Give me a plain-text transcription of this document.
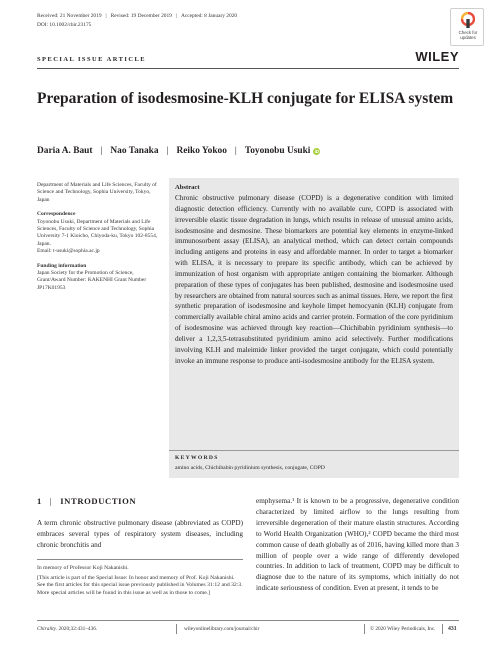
Received: 21 November 2019 | Revised: 19 December 2019 | Accepted: 8 January 2020
DOI: 10.1002/chir.23175
Check for
updates
SPECIAL ISSUE ARTICLE	WILEY
Preparation of isodesmosine-KLH conjugate for ELISA system
Daria A. Baut | Nao Tanaka | Reiko Yokoo | Toyonobu Usuki iD

Department of Materials and Life Sciences, Faculty of Science and Technology, Sophia University, Tokyo, Japan

Correspondence

Toyonobu Usuki, Department of Materials and Life Sciences, Faculty of Science and Technology, Sophia University 7-1 Kioicho, Chiyoda-ku, Tokyo 102-8554, Japan.

Email: t-usuki@sophia.ac.jp

Funding information

Japan Society for the Promotion of Science, Grant/Award Number: KAKENHI Grant Number JP17K01953

Abstract
Chronic obstructive pulmonary disease (COPD) is a degenerative condition with limited diagnostic detection efficiency. Currently with no available cure, COPD is associated with irreversible elastic tissue degradation in lungs, which results in release of unusual amino acids, isodesmosine and desmosine. These biomarkers are potential key elements in enzyme-linked immunosorbent assay (ELISA), an analytical method, which can detect certain compounds including antigens and proteins in easy and affordable manner. In order to target a biomarker with ELISA, it is necessary to prepare its specific antibody, which can be achieved by immunization of host organism with appropriate antigen containing the biomarker. Although preparation of these types of conjugates has been published, desmosine and isodesmosine used by researchers are obtained from natural sources such as animal tissues. Here, we report the first synthetic preparation of isodesmosine and keyhole limpet hemocyanin (KLH) conjugate from commercially available chiral amino acids and carrier protein. Formation of the core pyridinium of isodesmosine was achieved through key reaction—Chichibabin pyridinium synthesis—to deliver a 1,2,3,5-tetrasubstituted pyridinium amino acid selectively. Further modifications involving KLH and maleimide linker provided the target conjugate, which could potentially invoke an immune response to produce anti-isodesmosine antibody for the ELISA system.
KEYWORDS
amino acids, Chichibabin pyridinium synthesis, conjugate, COPD
1 | INTRODUCTION
A term chronic obstructive pulmonary disease (abbreviated as COPD) embraces several types of respiratory system diseases, including chronic bronchitis and
emphysema.¹ It is known to be a progressive, degenerative condition characterized by limited airflow to the lungs resulting from irreversible degeneration of their mature elastin structures. According to World Health Organization (WHO),² COPD became the third most common cause of death globally as of 2016, having killed more than 3 million of people over a wide range of differently developed countries. In addition to lack of treatment, COPD may be difficult to diagnose due to the nature of its symptoms, which initially do not indicate seriousness of condition. Even at present, it tends to be
In memory of Professor Koji Nakanishi.
[This article is part of the Special Issue: In honor and memory of Prof. Koji Nakanishi. See the first articles for this special issue previously published in Volumes 31:12 and 32:3. More special articles will be found in this issue as well as in those to come.]
Chirality. 2020;32:431–436.	wileyonlinelibrary.com/journal/chir	© 2020 Wiley Periodicals, Inc. 431
